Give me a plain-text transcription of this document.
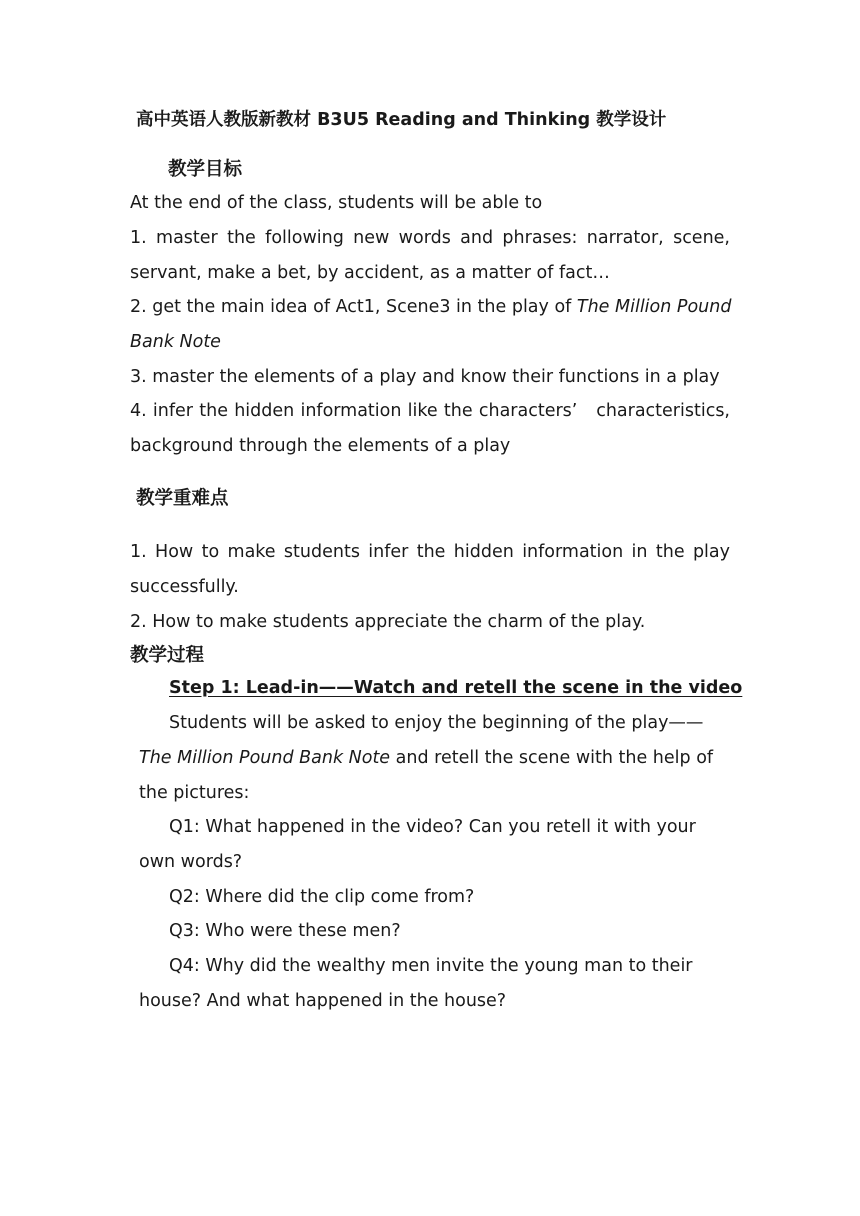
高中英语人教版新教材 B3U5 Reading and Thinking 教学设计
教学目标
At the end of the class, students will be able to
1. master the following new words and phrases: narrator, scene,
servant, make a bet, by accident, as a matter of fact…
2. get the main idea of Act1, Scene3 in the play of The Million Pound
Bank Note
3. master the elements of a play and know their functions in a play
4. infer the hidden information like the characters’　characteristics,
background through the elements of a play
教学重难点
1. How to make students infer the hidden information in the play
successfully.
2. How to make students appreciate the charm of the play.
教学过程
Step 1: Lead-in——Watch and retell the scene in the video
Students will be asked to enjoy the beginning of the play——
The Million Pound Bank Note and retell the scene with the help of
the pictures:
Q1: What happened in the video? Can you retell it with your
own words?
Q2: Where did the clip come from?
Q3: Who were these men?
Q4: Why did the wealthy men invite the young man to their
house? And what happened in the house?
